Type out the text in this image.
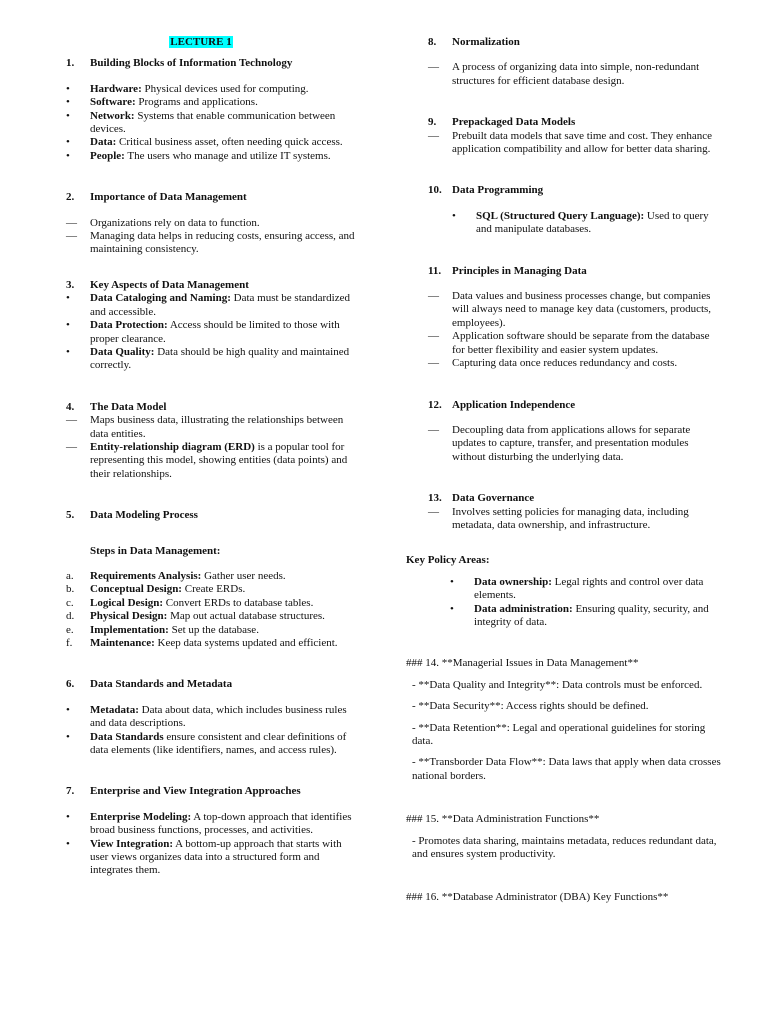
LECTURE 1
1.	Building Blocks of Information Technology
•	Hardware: Physical devices used for computing.
•	Software: Programs and applications.
•	Network: Systems that enable communication between devices.
•	Data: Critical business asset, often needing quick access.
•	People: The users who manage and utilize IT systems.
2.	Importance of Data Management
—	Organizations rely on data to function.
—	Managing data helps in reducing costs, ensuring access, and maintaining consistency.
3.	Key Aspects of Data Management
•	Data Cataloging and Naming: Data must be standardized and accessible.
•	Data Protection: Access should be limited to those with proper clearance.
•	Data Quality: Data should be high quality and maintained correctly.
4.	The Data Model
—	Maps business data, illustrating the relationships between data entities.
—	Entity-relationship diagram (ERD) is a popular tool for representing this model, showing entities (data points) and their relationships.
5.	Data Modeling Process
Steps in Data Management:
a.	Requirements Analysis: Gather user needs.
b.	Conceptual Design: Create ERDs.
c.	Logical Design: Convert ERDs to database tables.
d.	Physical Design: Map out actual database structures.
e.	Implementation: Set up the database.
f.	Maintenance: Keep data systems updated and efficient.
6.	Data Standards and Metadata
•	Metadata: Data about data, which includes business rules and data descriptions.
•	Data Standards ensure consistent and clear definitions of data elements (like identifiers, names, and access rules).
7.	Enterprise and View Integration Approaches
•	Enterprise Modeling: A top-down approach that identifies broad business functions, processes, and activities.
•	View Integration: A bottom-up approach that starts with user views organizes data into a structured form and integrates them.
8.	Normalization
—	A process of organizing data into simple, non-redundant structures for efficient database design.
9.	Prepackaged Data Models
—	Prebuilt data models that save time and cost. They enhance application compatibility and allow for better data sharing.
10. Data Programming
•	SQL (Structured Query Language): Used to query and manipulate databases.
11. Principles in Managing Data
—	Data values and business processes change, but companies will always need to manage key data (customers, products, employees).
—	Application software should be separate from the database for better flexibility and easier system updates.
—	Capturing data once reduces redundancy and costs.
12. Application Independence
—	Decoupling data from applications allows for separate updates to capture, transfer, and presentation modules without disturbing the underlying data.
13. Data Governance
—	Involves setting policies for managing data, including metadata, data ownership, and infrastructure.
Key Policy Areas:
•	Data ownership: Legal rights and control over data elements.
•	Data administration: Ensuring quality, security, and integrity of data.
### 14. **Managerial Issues in Data Management**
- **Data Quality and Integrity**: Data controls must be enforced.
- **Data Security**: Access rights should be defined.
- **Data Retention**: Legal and operational guidelines for storing data.
- **Transborder Data Flow**: Data laws that apply when data crosses national borders.
### 15. **Data Administration Functions**
- Promotes data sharing, maintains metadata, reduces redundant data, and ensures system productivity.
### 16. **Database Administrator (DBA) Key Functions**
